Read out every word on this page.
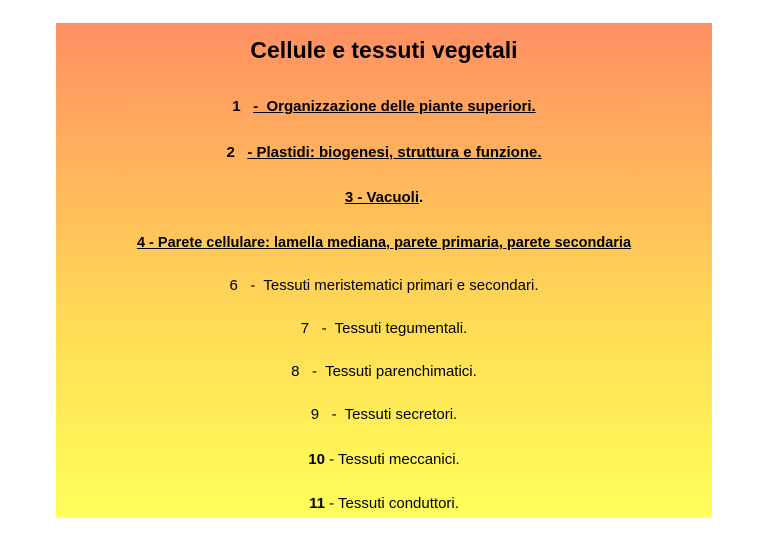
Cellule e tessuti vegetali

1 -  Organizzazione delle piante superiori.

2 - Plastidi: biogenesi, struttura e funzione.

3 - Vacuoli.

4 - Parete cellulare: lamella mediana, parete primaria, parete secondaria

6   -  Tessuti meristematici primari e secondari.

7   -  Tessuti tegumentali.

8   -  Tessuti parenchimatici.

9   -  Tessuti secretori.

10 - Tessuti meccanici.

11 - Tessuti conduttori.
